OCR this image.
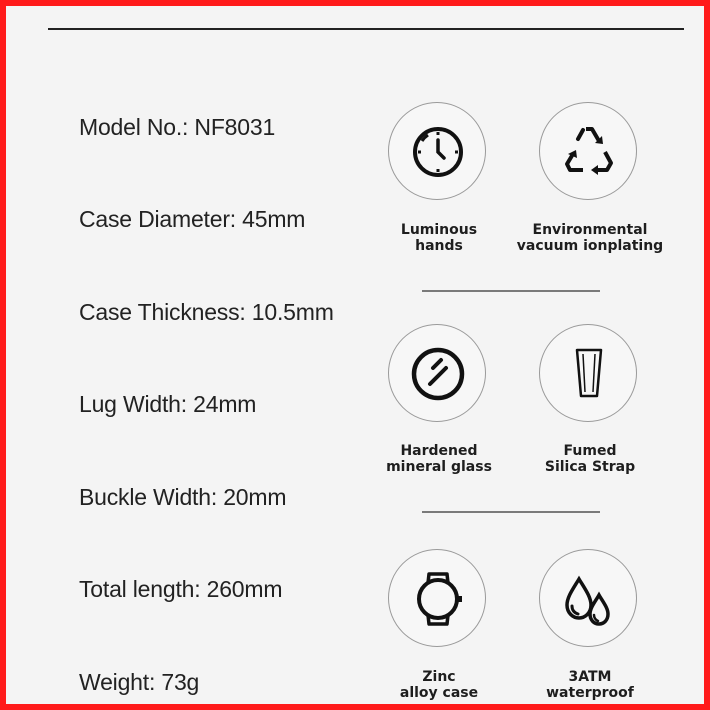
Model No.: NF8031
Case Diameter: 45mm
Case Thickness: 10.5mm
Lug Width: 24mm
Buckle Width: 20mm
Total length: 260mm
Weight: 73g
Luminous
hands
Environmental
vacuum ionplating
Hardened
mineral glass
Fumed
Silica Strap
Zinc
alloy case
3ATM
waterproof
